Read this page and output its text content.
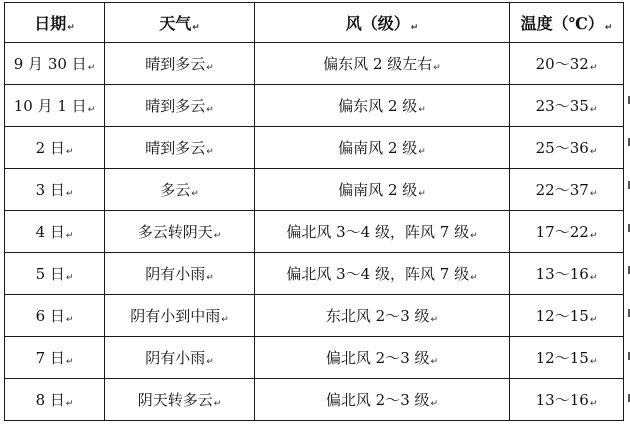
日期↵	天气↵	风（级）↵	温度（℃）↵
9 月 30 日↵	晴到多云↵	偏东风 2 级左右↵	20～32↵
10 月 1 日↵	晴到多云↵	偏东风 2 级↵	23～35↵
2 日↵	晴到多云↵	偏南风 2 级↵	25～36↵
3 日↵	多云↵	偏南风 2 级↵	22～37↵
4 日↵	多云转阴天↵	偏北风 3～4 级，阵风 7 级↵	17～22↵
5 日↵	阴有小雨↵	偏北风 3～4 级，阵风 7 级↵	13～16↵
6 日↵	阴有小到中雨↵	东北风 2～3 级↵	12～15↵
7 日↵	阴有小雨↵	偏北风 2～3 级↵	12～15↵
8 日↵	阴天转多云↵	偏北风 2～3 级↵	13～16↵
